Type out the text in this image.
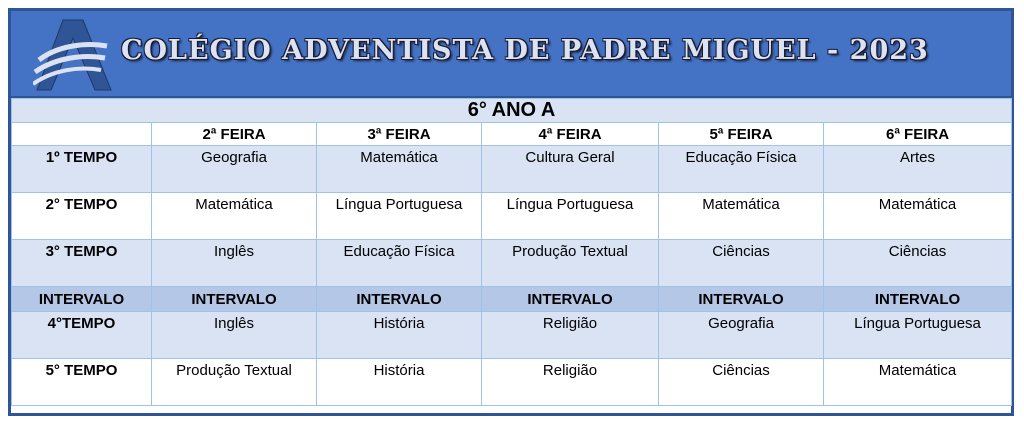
COLÉGIO ADVENTISTA DE PADRE MIGUEL - 2023
6° ANO A					
	2ª FEIRA	3ª FEIRA	4ª FEIRA	5ª FEIRA	6ª FEIRA
1º TEMPO	Geografia	Matemática	Cultura Geral	Educação Física	Artes
2° TEMPO	Matemática	Língua Portuguesa	Língua Portuguesa	Matemática	Matemática
3° TEMPO	Inglês	Educação Física	Produção Textual	Ciências	Ciências
INTERVALO	INTERVALO	INTERVALO	INTERVALO	INTERVALO	INTERVALO
4°TEMPO	Inglês	História	Religião	Geografia	Língua Portuguesa
5° TEMPO	Produção Textual	História	Religião	Ciências	Matemática
